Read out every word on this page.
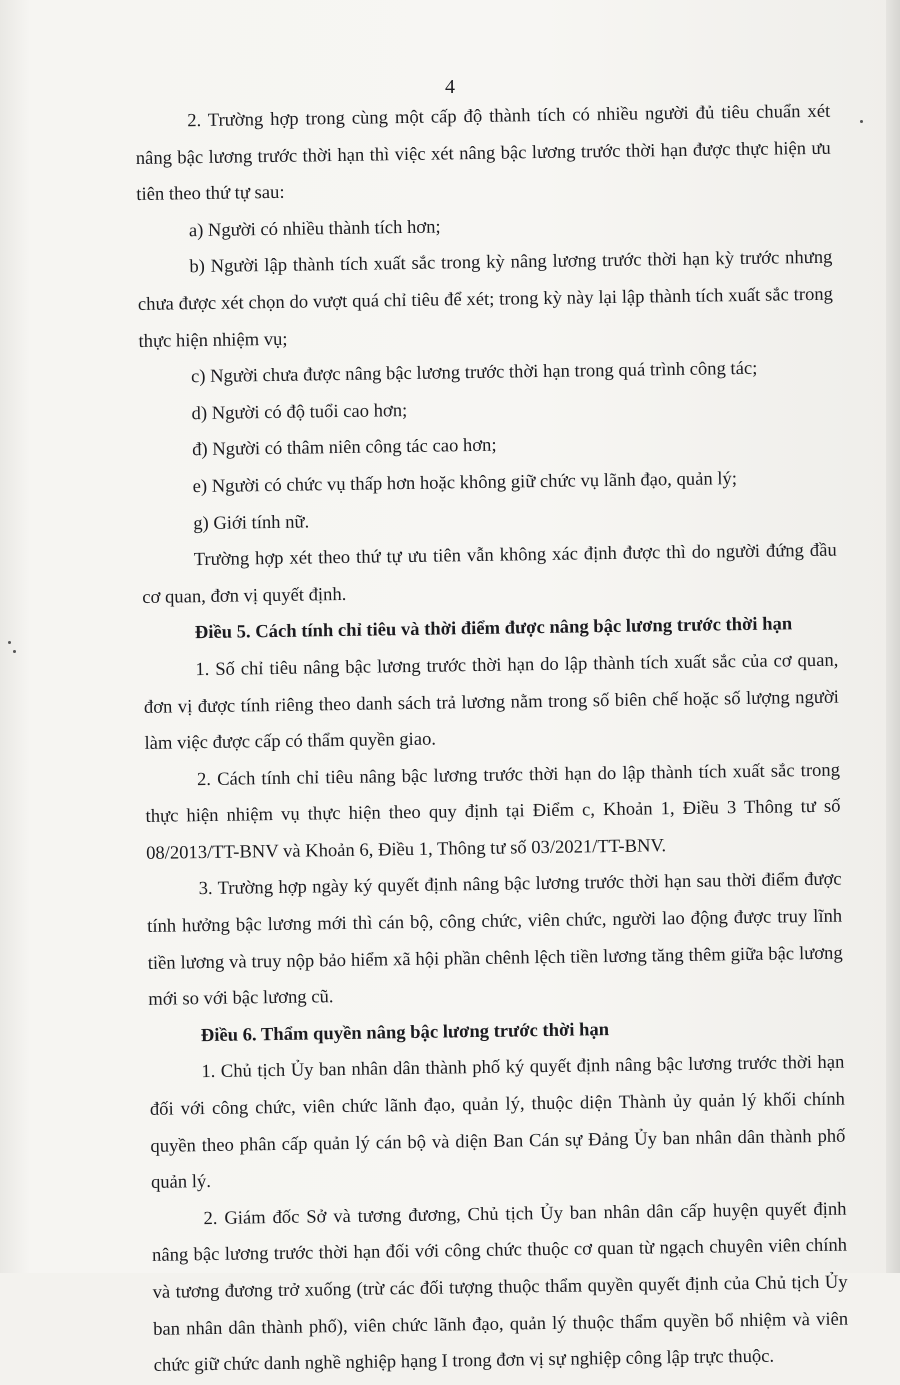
4

2. Trường hợp trong cùng một cấp độ thành tích có nhiều người đủ tiêu chuẩn xét nâng bậc lương trước thời hạn thì việc xét nâng bậc lương trước thời hạn được thực hiện ưu tiên theo thứ tự sau:

a) Người có nhiều thành tích hơn;

b) Người lập thành tích xuất sắc trong kỳ nâng lương trước thời hạn kỳ trước nhưng chưa được xét chọn do vượt quá chỉ tiêu để xét; trong kỳ này lại lập thành tích xuất sắc trong thực hiện nhiệm vụ;

c) Người chưa được nâng bậc lương trước thời hạn trong quá trình công tác;

d) Người có độ tuổi cao hơn;

đ) Người có thâm niên công tác cao hơn;

e) Người có chức vụ thấp hơn hoặc không giữ chức vụ lãnh đạo, quản lý;

g) Giới tính nữ.

Trường hợp xét theo thứ tự ưu tiên vẫn không xác định được thì do người đứng đầu cơ quan, đơn vị quyết định.

Điều 5. Cách tính chỉ tiêu và thời điểm được nâng bậc lương trước thời hạn

1. Số chỉ tiêu nâng bậc lương trước thời hạn do lập thành tích xuất sắc của cơ quan, đơn vị được tính riêng theo danh sách trả lương nằm trong số biên chế hoặc số lượng người làm việc được cấp có thẩm quyền giao.

2. Cách tính chỉ tiêu nâng bậc lương trước thời hạn do lập thành tích xuất sắc trong thực hiện nhiệm vụ thực hiện theo quy định tại Điểm c, Khoản 1, Điều 3 Thông tư số 08/2013/TT-BNV và Khoản 6, Điều 1, Thông tư số 03/2021/TT-BNV.

3. Trường hợp ngày ký quyết định nâng bậc lương trước thời hạn sau thời điểm được tính hưởng bậc lương mới thì cán bộ, công chức, viên chức, người lao động được truy lĩnh tiền lương và truy nộp bảo hiểm xã hội phần chênh lệch tiền lương tăng thêm giữa bậc lương mới so với bậc lương cũ.

Điều 6. Thẩm quyền nâng bậc lương trước thời hạn

1. Chủ tịch Ủy ban nhân dân thành phố ký quyết định nâng bậc lương trước thời hạn đối với công chức, viên chức lãnh đạo, quản lý, thuộc diện Thành ủy quản lý khối chính quyền theo phân cấp quản lý cán bộ và diện Ban Cán sự Đảng Ủy ban nhân dân thành phố quản lý.

2. Giám đốc Sở và tương đương, Chủ tịch Ủy ban nhân dân cấp huyện quyết định nâng bậc lương trước thời hạn đối với công chức thuộc cơ quan từ ngạch chuyên viên chính và tương đương trở xuống (trừ các đối tượng thuộc thẩm quyền quyết định của Chủ tịch Ủy ban nhân dân thành phố), viên chức lãnh đạo, quản lý thuộc thẩm quyền bổ nhiệm và viên chức giữ chức danh nghề nghiệp hạng I trong đơn vị sự nghiệp công lập trực thuộc.
